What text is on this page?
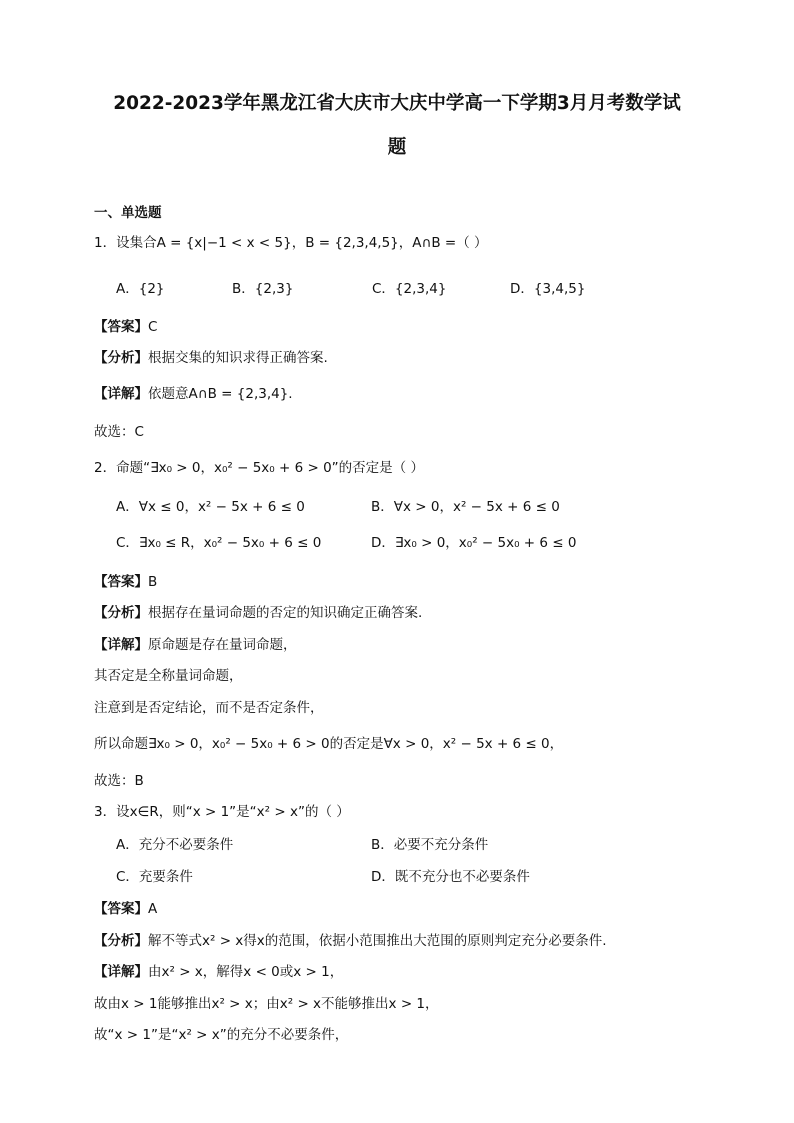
2022-2023学年黑龙江省大庆市大庆中学高一下学期3月月考数学试
题
一、单选题
1．设集合A = {x|−1 < x < 5}，B = {2,3,4,5}，A∩B =（ ）
A．{2}	B．{2,3}	C．{2,3,4}	D．{3,4,5}
【答案】C
【分析】根据交集的知识求得正确答案.
【详解】依题意A∩B = {2,3,4}.
故选：C
2．命题“∃x₀ > 0，x₀² − 5x₀ + 6 > 0”的否定是（ ）
A．∀x ≤ 0，x² − 5x + 6 ≤ 0	B．∀x > 0，x² − 5x + 6 ≤ 0
C．∃x₀ ≤ R，x₀² − 5x₀ + 6 ≤ 0	D．∃x₀ > 0，x₀² − 5x₀ + 6 ≤ 0
【答案】B
【分析】根据存在量词命题的否定的知识确定正确答案.
【详解】原命题是存在量词命题，
其否定是全称量词命题，
注意到是否定结论，而不是否定条件，
所以命题∃x₀ > 0，x₀² − 5x₀ + 6 > 0的否定是∀x > 0，x² − 5x + 6 ≤ 0，
故选：B
3．设x∈R，则“x > 1”是“x² > x”的（ ）
A．充分不必要条件	B．必要不充分条件
C．充要条件	D．既不充分也不必要条件
【答案】A
【分析】解不等式x² > x得x的范围，依据小范围推出大范围的原则判定充分必要条件.
【详解】由x² > x，解得x < 0或x > 1，
故由x > 1能够推出x² > x；由x² > x不能够推出x > 1，
故“x > 1”是“x² > x”的充分不必要条件，
